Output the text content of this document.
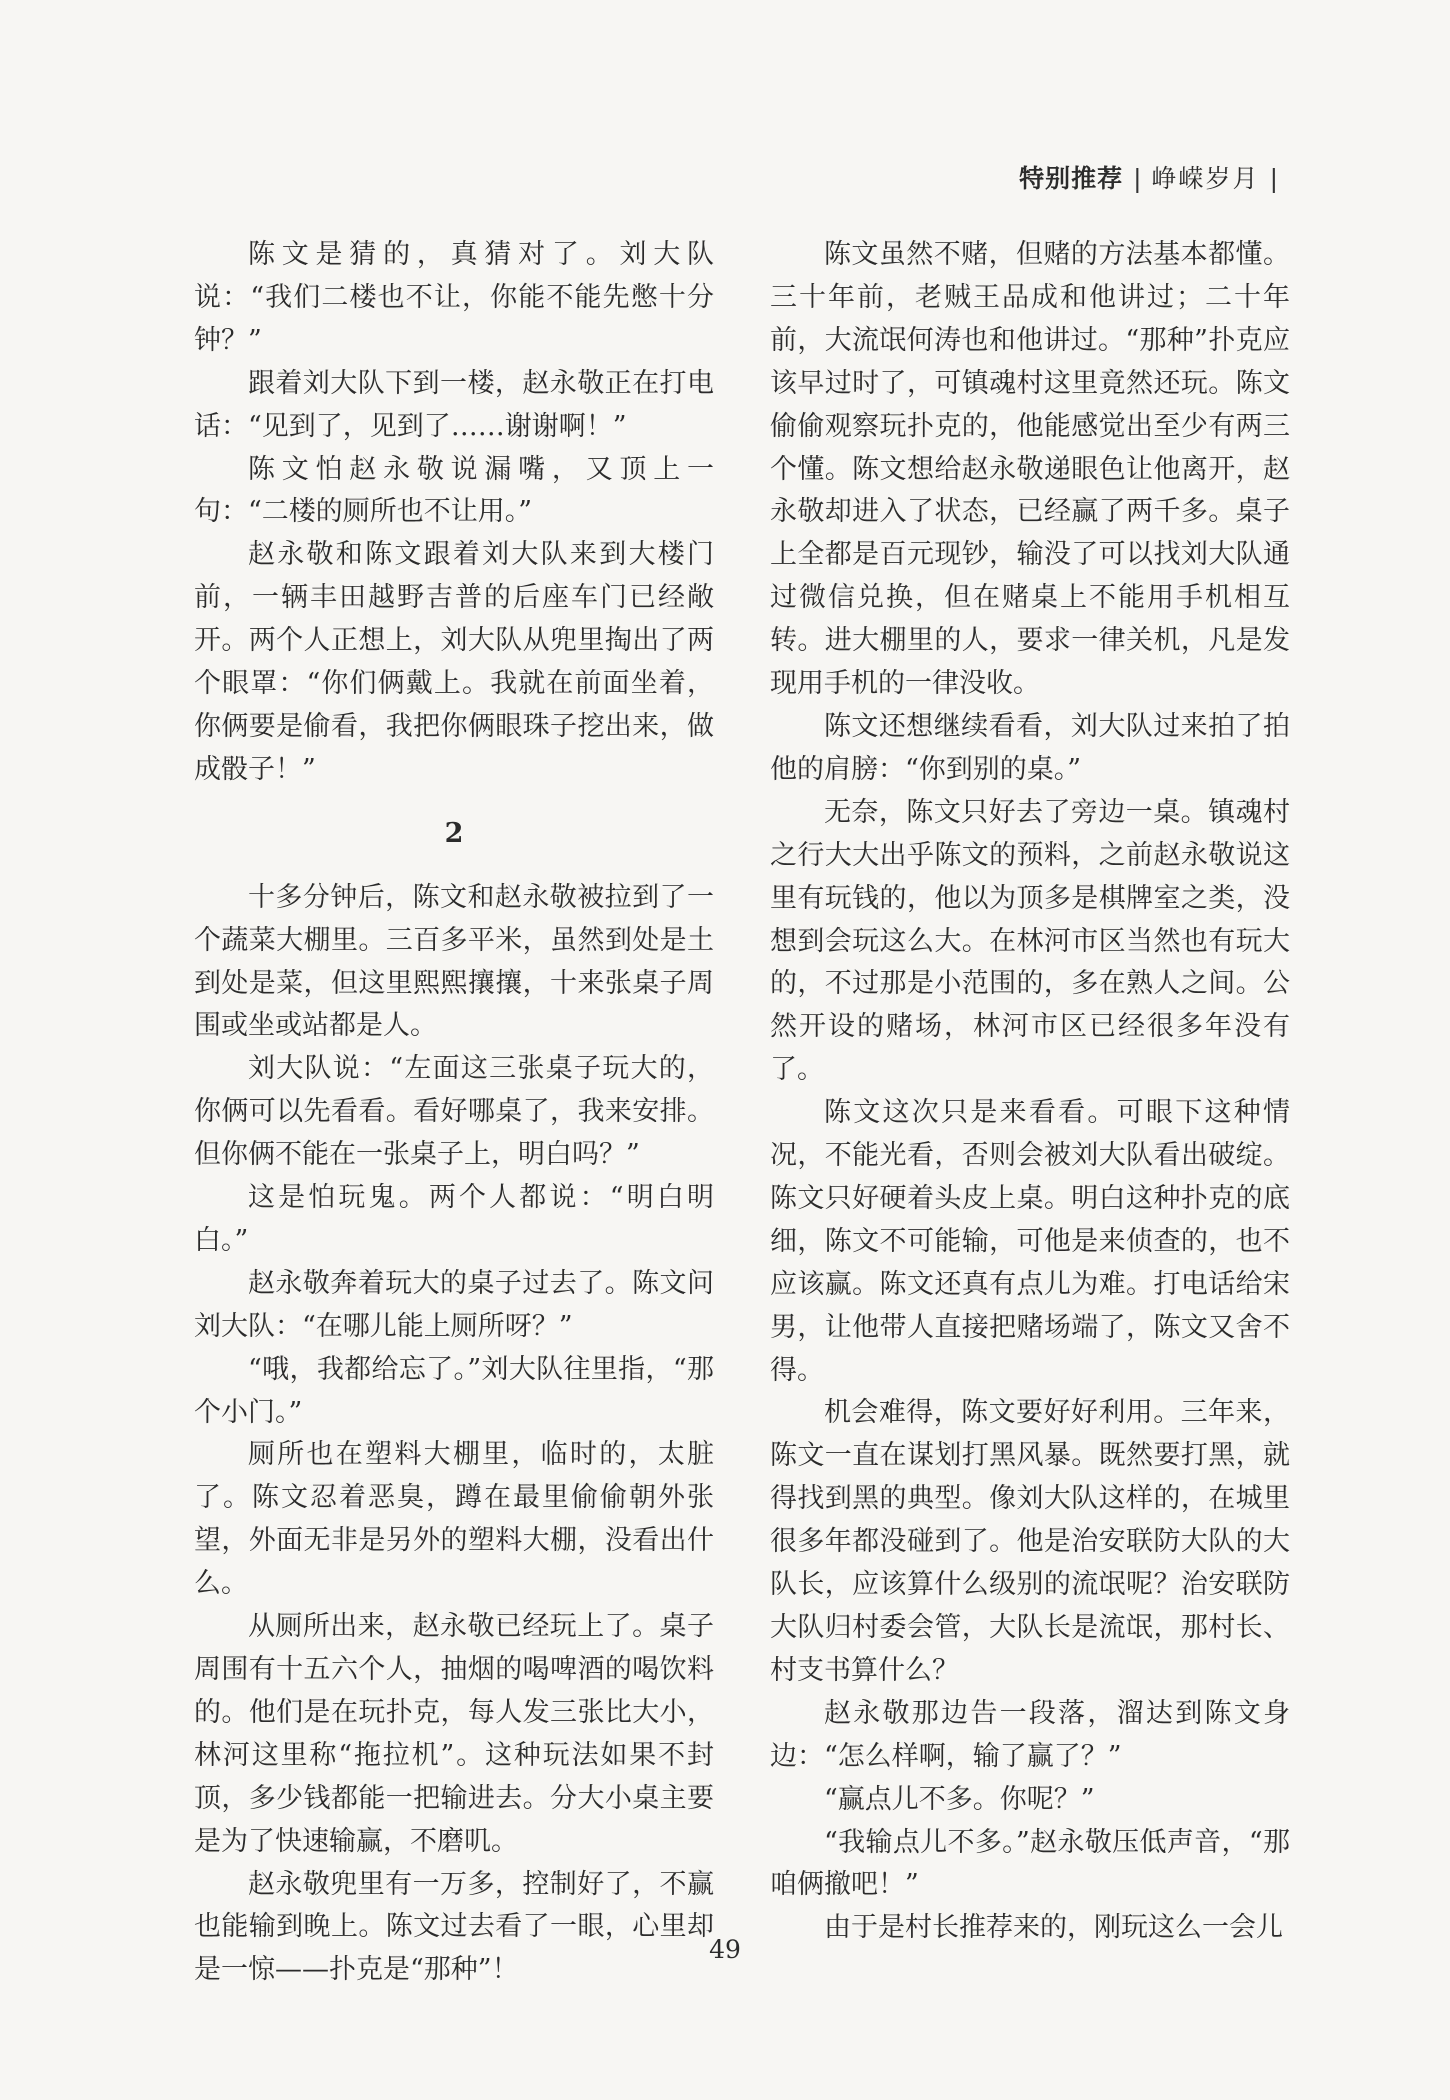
特别推荐 | 峥嵘岁月 |

陈文是猜的，真猜对了。刘大队说：“我们二楼也不让，你能不能先憋十分钟？”

跟着刘大队下到一楼，赵永敬正在打电话：“见到了，见到了……谢谢啊！”

陈文怕赵永敬说漏嘴，又顶上一句：“二楼的厕所也不让用。”

赵永敬和陈文跟着刘大队来到大楼门前，一辆丰田越野吉普的后座车门已经敞开。两个人正想上，刘大队从兜里掏出了两个眼罩：“你们俩戴上。我就在前面坐着，你俩要是偷看，我把你俩眼珠子挖出来，做成骰子！”

2

十多分钟后，陈文和赵永敬被拉到了一个蔬菜大棚里。三百多平米，虽然到处是土到处是菜，但这里熙熙攘攘，十来张桌子周围或坐或站都是人。

刘大队说：“左面这三张桌子玩大的，你俩可以先看看。看好哪桌了，我来安排。但你俩不能在一张桌子上，明白吗？”

这是怕玩鬼。两个人都说：“明白明白。”

赵永敬奔着玩大的桌子过去了。陈文问刘大队：“在哪儿能上厕所呀？”

“哦，我都给忘了。”刘大队往里指，“那个小门。”

厕所也在塑料大棚里，临时的，太脏了。陈文忍着恶臭，蹲在最里偷偷朝外张望，外面无非是另外的塑料大棚，没看出什么。

从厕所出来，赵永敬已经玩上了。桌子周围有十五六个人，抽烟的喝啤酒的喝饮料的。他们是在玩扑克，每人发三张比大小，林河这里称“拖拉机”。这种玩法如果不封顶，多少钱都能一把输进去。分大小桌主要是为了快速输赢，不磨叽。

赵永敬兜里有一万多，控制好了，不赢也能输到晚上。陈文过去看了一眼，心里却是一惊——扑克是“那种”！

陈文虽然不赌，但赌的方法基本都懂。三十年前，老贼王品成和他讲过；二十年前，大流氓何涛也和他讲过。“那种”扑克应该早过时了，可镇魂村这里竟然还玩。陈文偷偷观察玩扑克的，他能感觉出至少有两三个懂。陈文想给赵永敬递眼色让他离开，赵永敬却进入了状态，已经赢了两千多。桌子上全都是百元现钞，输没了可以找刘大队通过微信兑换，但在赌桌上不能用手机相互转。进大棚里的人，要求一律关机，凡是发现用手机的一律没收。

陈文还想继续看看，刘大队过来拍了拍他的肩膀：“你到别的桌。”

无奈，陈文只好去了旁边一桌。镇魂村之行大大出乎陈文的预料，之前赵永敬说这里有玩钱的，他以为顶多是棋牌室之类，没想到会玩这么大。在林河市区当然也有玩大的，不过那是小范围的，多在熟人之间。公然开设的赌场，林河市区已经很多年没有了。

陈文这次只是来看看。可眼下这种情况，不能光看，否则会被刘大队看出破绽。陈文只好硬着头皮上桌。明白这种扑克的底细，陈文不可能输，可他是来侦查的，也不应该赢。陈文还真有点儿为难。打电话给宋男，让他带人直接把赌场端了，陈文又舍不得。

机会难得，陈文要好好利用。三年来，陈文一直在谋划打黑风暴。既然要打黑，就得找到黑的典型。像刘大队这样的，在城里很多年都没碰到了。他是治安联防大队的大队长，应该算什么级别的流氓呢？治安联防大队归村委会管，大队长是流氓，那村长、村支书算什么？

赵永敬那边告一段落，溜达到陈文身边：“怎么样啊，输了赢了？”

“赢点儿不多。你呢？”

“我输点儿不多。”赵永敬压低声音，“那咱俩撤吧！”

由于是村长推荐来的，刚玩这么一会儿

49
